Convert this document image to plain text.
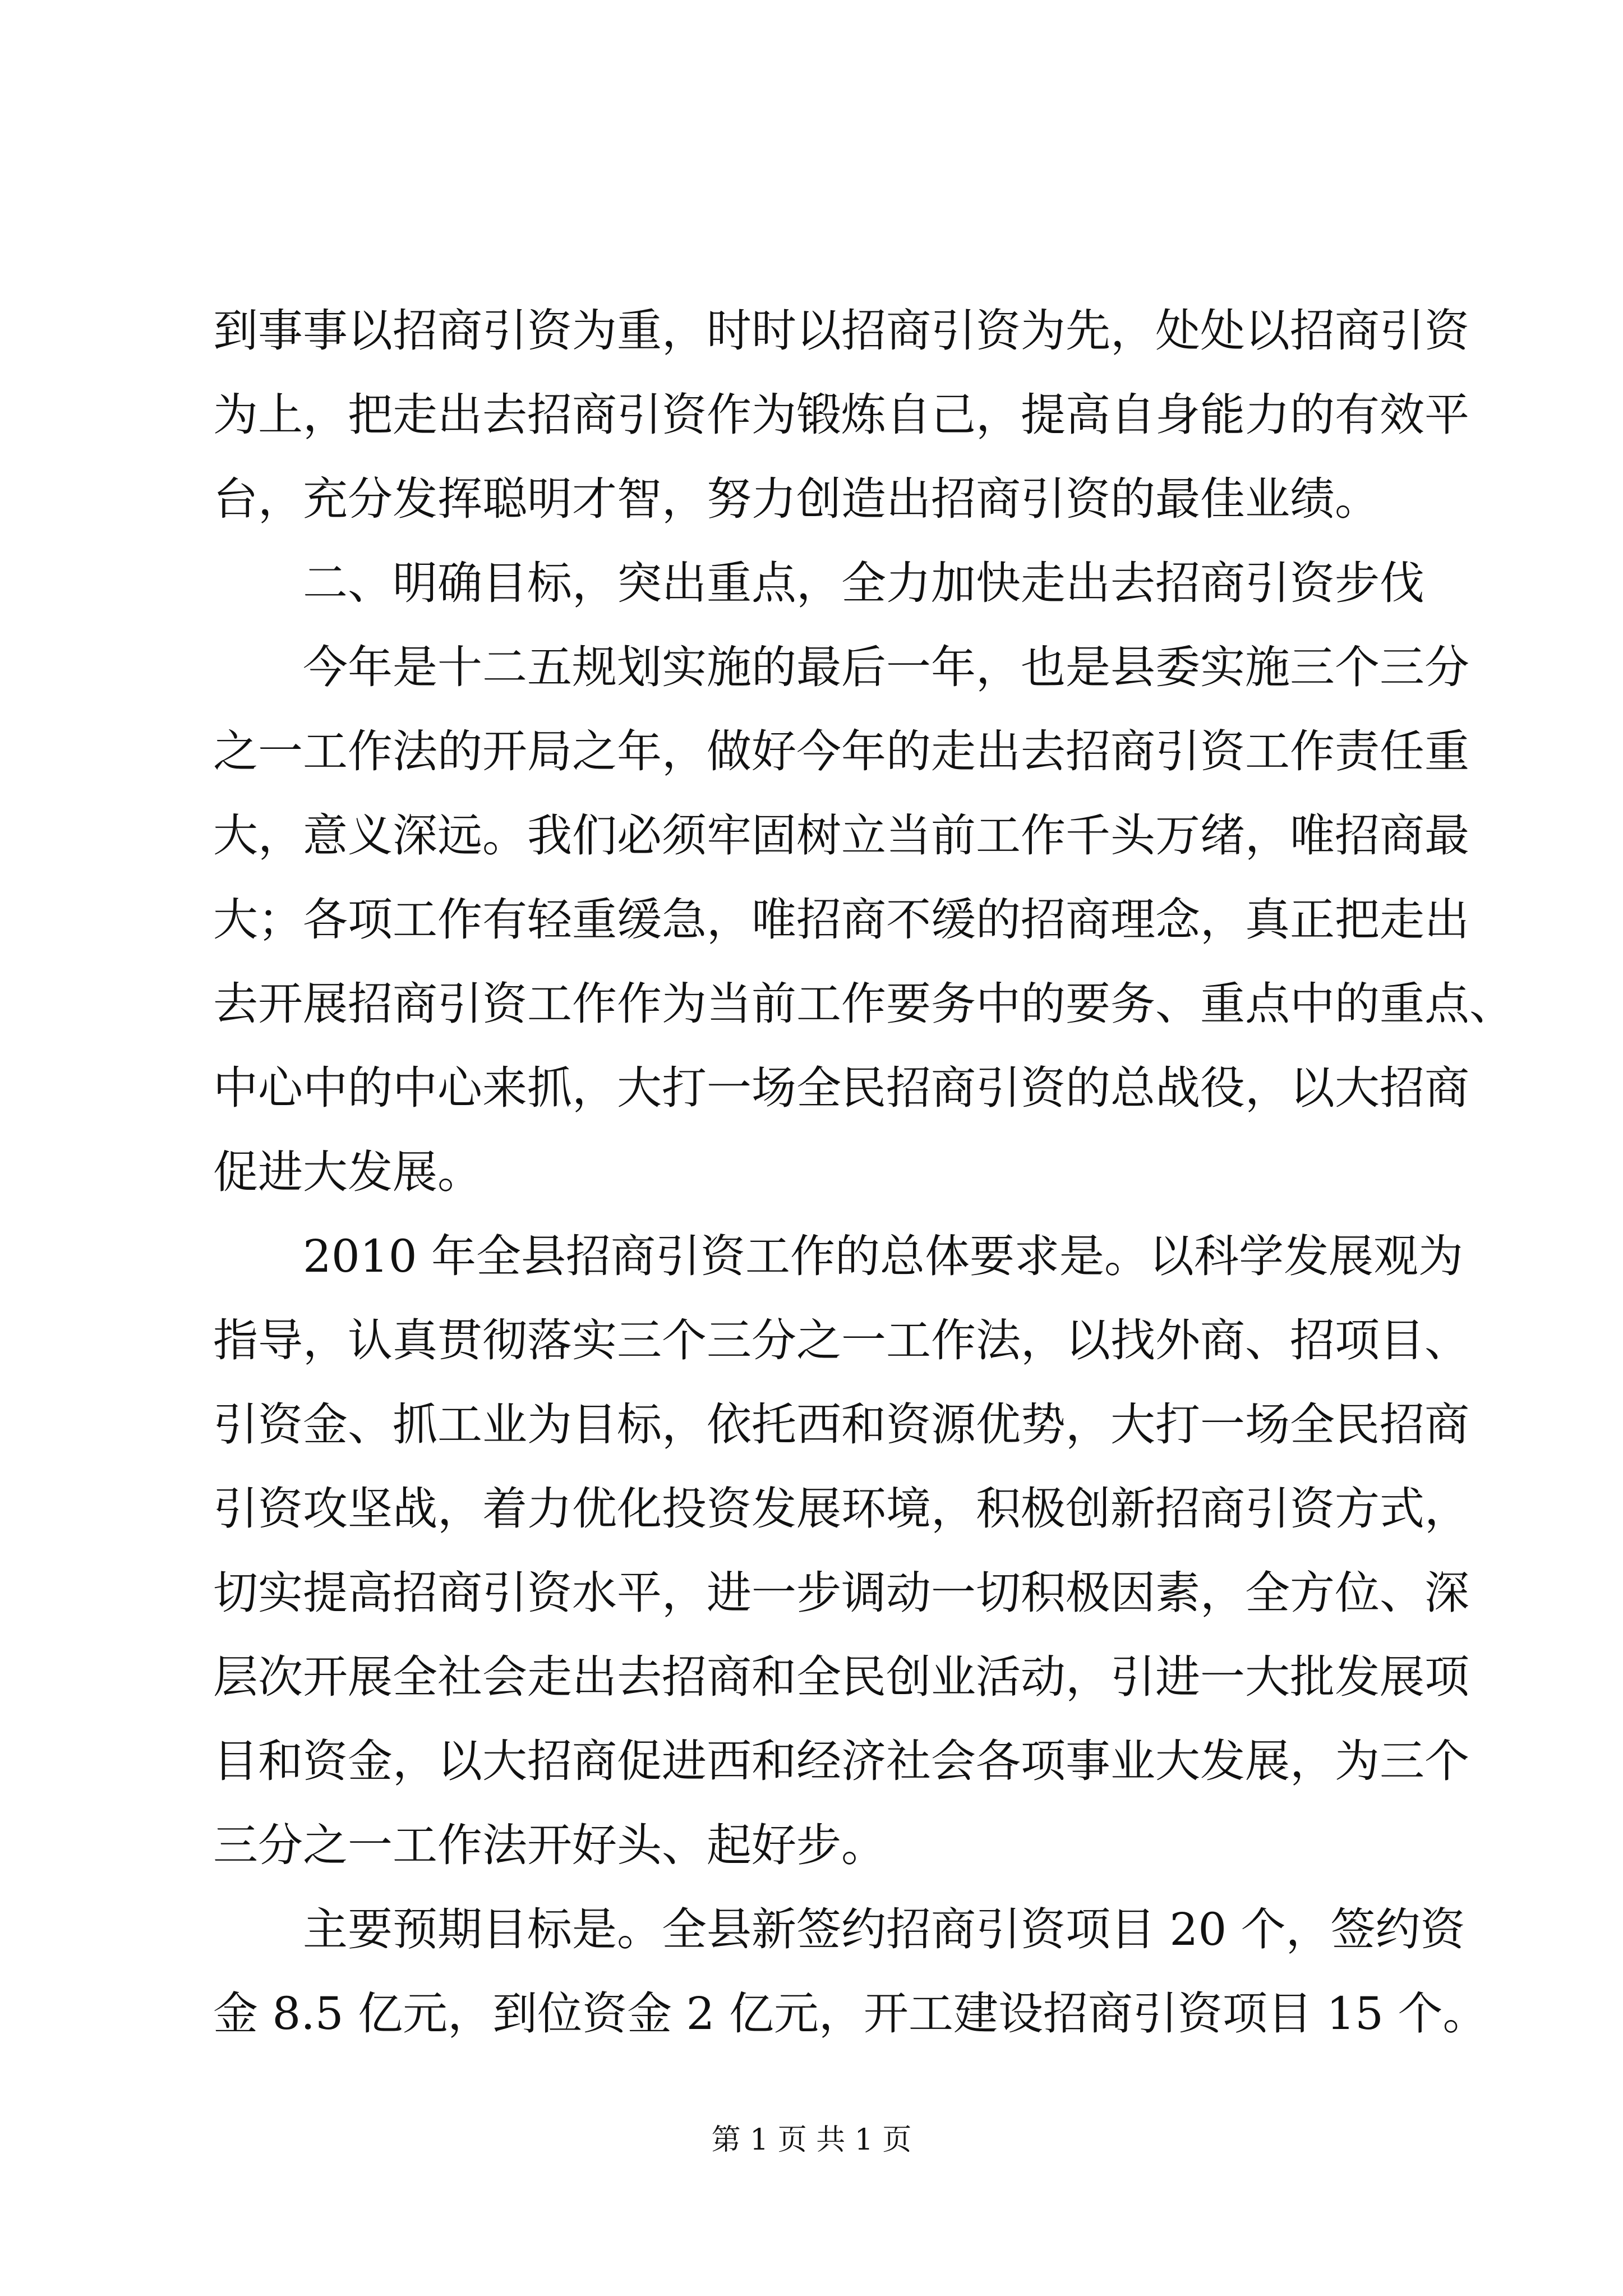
到事事以招商引资为重，时时以招商引资为先，处处以招商引资

为上，把走出去招商引资作为锻炼自己，提高自身能力的有效平

台，充分发挥聪明才智，努力创造出招商引资的最佳业绩。

二、明确目标，突出重点，全力加快走出去招商引资步伐

今年是十二五规划实施的最后一年，也是县委实施三个三分

之一工作法的开局之年，做好今年的走出去招商引资工作责任重

大，意义深远。我们必须牢固树立当前工作千头万绪，唯招商最

大；各项工作有轻重缓急，唯招商不缓的招商理念，真正把走出

去开展招商引资工作作为当前工作要务中的要务、重点中的重点、

中心中的中心来抓，大打一场全民招商引资的总战役，以大招商

促进大发展。

2010 年全县招商引资工作的总体要求是。以科学发展观为

指导，认真贯彻落实三个三分之一工作法，以找外商、招项目、

引资金、抓工业为目标，依托西和资源优势，大打一场全民招商

引资攻坚战，着力优化投资发展环境，积极创新招商引资方式，

切实提高招商引资水平，进一步调动一切积极因素，全方位、深

层次开展全社会走出去招商和全民创业活动，引进一大批发展项

目和资金，以大招商促进西和经济社会各项事业大发展，为三个

三分之一工作法开好头、起好步。

主要预期目标是。全县新签约招商引资项目 20 个，签约资

金 8.5 亿元，到位资金 2 亿元，开工建设招商引资项目 15 个。

第 1 页 共 1 页
